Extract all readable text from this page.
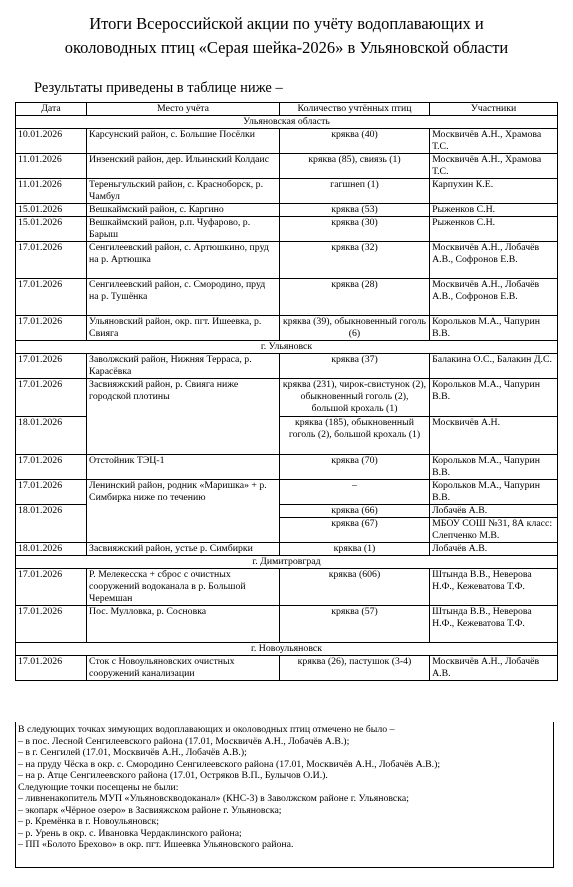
Итоги Всероссийской акции по учёту водоплавающих и
околоводных птиц «Серая шейка-2026» в Ульяновской области
Результаты приведены в таблице ниже –
Дата	Место учёта	Количество учтённых птиц	Участники
Ульяновская область			
10.01.2026	Карсунский район, с. Большие Посёлки	кряква (40)	Москвичёв А.Н., Храмова Т.С.
11.01.2026	Инзенский район, дер. Ильинский Колдаис	кряква (85), свиязь (1)	Москвичёв А.Н., Храмова Т.С.
11.01.2026	Тереньгульский район, с. Красноборск, р. Чамбул	гагшнеп (1)	Карпухин К.Е.
15.01.2026	Вешкаймский район, с. Каргино	кряква (53)	Рыженков С.Н.
15.01.2026	Вешкаймский район, р.п. Чуфарово, р. Барыш	кряква (30)	Рыженков С.Н.
17.01.2026	Сенгилеевский район, с. Артюшкино, пруд на р. Артюшка	кряква (32)	Москвичёв А.Н., Лобачёв А.В., Софронов Е.В.
17.01.2026	Сенгилеевский район, с. Смородино, пруд на р. Тушёнка	кряква (28)	Москвичёв А.Н., Лобачёв А.В., Софронов Е.В.
17.01.2026	Ульяновский район, окр. пгт. Ишеевка, р. Свияга	кряква (39), обыкновенный гоголь (6)	Корольков М.А., Чапурин В.В.
г. Ульяновск			
17.01.2026	Заволжский район, Нижняя Терраса, р. Карасёвка	кряква (37)	Балакина О.С., Балакин Д.С.
17.01.2026	Засвияжский район, р. Свияга ниже городской плотины	кряква (231), чирок-свистунок (2), обыкновенный гоголь (2), большой крохаль (1)	Корольков М.А., Чапурин В.В.
18.01.2026		кряква (185), обыкновенный гоголь (2), большой крохаль (1)	Москвичёв А.Н.
17.01.2026	Отстойник ТЭЦ-1	кряква (70)	Корольков М.А., Чапурин В.В.
17.01.2026	Ленинский район, родник «Маришка» + р. Симбирка ниже по течению	–	Корольков М.А., Чапурин В.В.
18.01.2026		кряква (66)	Лобачёв А.В.
		кряква (67)	МБОУ СОШ №31, 8А класс: Слепченко М.В.
18.01.2026	Засвияжский район, устье р. Симбирки	кряква (1)	Лобачёв А.В.
г. Димитровград			
17.01.2026	Р. Мелекесска + сброс с очистных сооружений водоканала в р. Большой Черемшан	кряква (606)	Штында В.В., Неверова Н.Ф., Кежеватова Т.Ф.
17.01.2026	Пос. Мулловка, р. Сосновка	кряква (57)	Штында В.В., Неверова Н.Ф., Кежеватова Т.Ф.
г. Новоульяновск			
17.01.2026	Сток с Новоульяновских очистных сооружений канализации	кряква (26), пастушок (3-4)	Москвичёв А.Н., Лобачёв А.В.
В следующих точках зимующих водоплавающих и околоводных птиц отмечено не было –
– в пос. Лесной Сенгилеевского района (17.01, Москвичёв А.Н., Лобачёв А.В.);
– в г. Сенгилей (17.01, Москвичёв А.Н., Лобачёв А.В.);
– на пруду Чёска в окр. с. Смородино Сенгилеевского района (17.01, Москвичёв А.Н., Лобачёв А.В.);
– на р. Атце Сенгилеевского района (17.01, Остряков В.П., Булычов О.И.).
Следующие точки посещены не были:
– ливненакопитель МУП «Ульяновскводоканал» (КНС-3) в Заволжском районе г. Ульяновска;
– экопарк «Чёрное озеро» в Засвияжском районе г. Ульяновска;
– р. Кремёнка в г. Новоульяновск;
– р. Урень в окр. с. Ивановка Чердаклинского района;
– ПП «Болото Брехово» в окр. пгт. Ишеевка Ульяновского района.
